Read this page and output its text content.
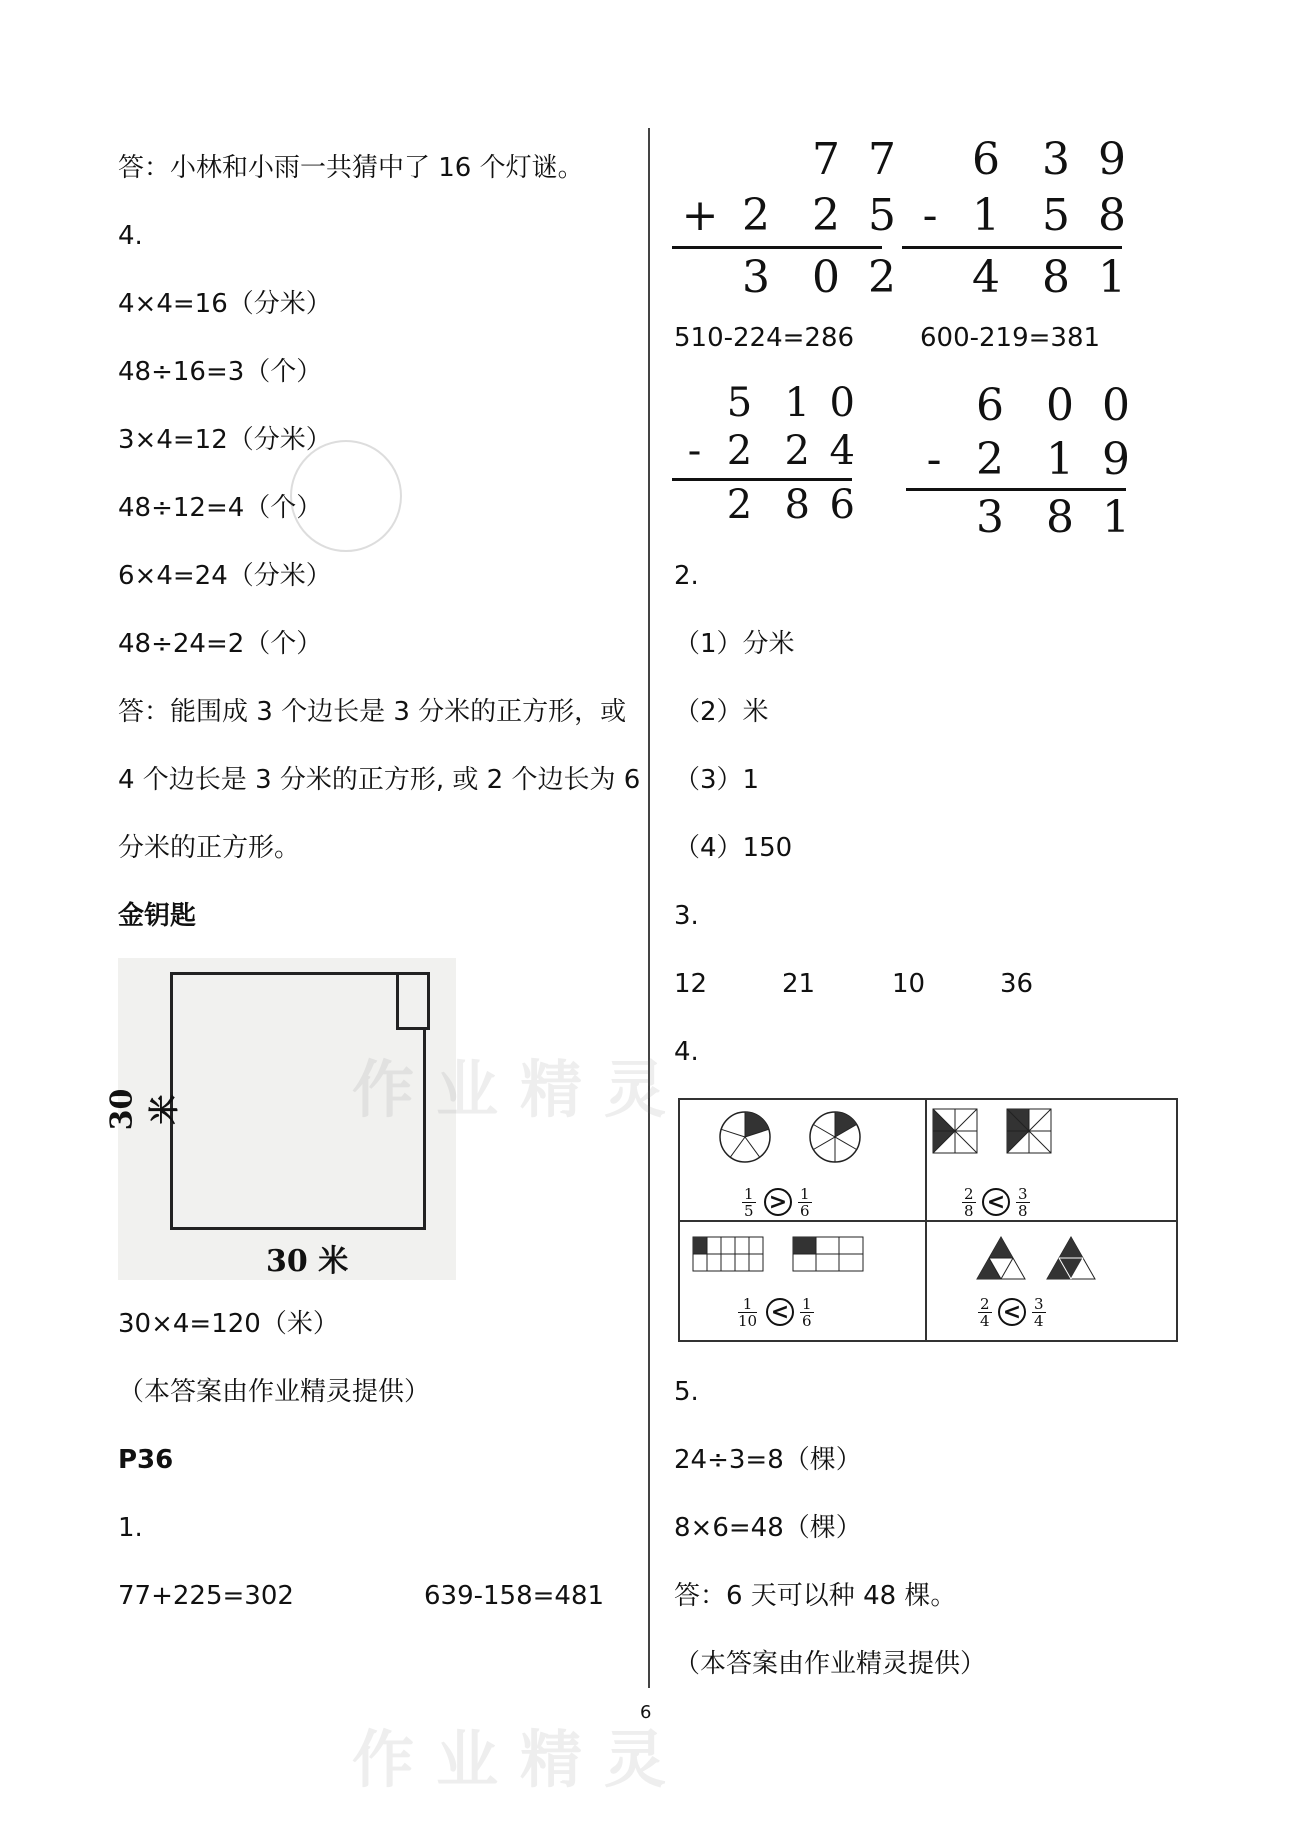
答：小林和小雨一共猜中了 16 个灯谜。
4.
4×4=16（分米）
48÷16=3（个）
3×4=12（分米）
48÷12=4（个）
6×4=24（分米）
48÷24=2（个）
答：能围成 3 个边长是 3 分米的正方形，或
4 个边长是 3 分米的正方形, 或 2 个边长为 6
分米的正方形。
金钥匙
30 米
30 米
30×4=120（米）
（本答案由作业精灵提供）
P36
1.
77+225=302	639-158=481
7 7
+ 2 2 5
3 0 2
6 3 9
- 1 5 8
4 8 1
510-224=286	600-219=381
5 1 0
- 2 2 4
2 8 6
6 0 0
- 2 1 9
3 8 1
2.
（1）分米
（2）米
（3）1
（4）150
3.
12	21	10	36
4.
1
5 > 1
6
2
8 < 3
8
1
10 < 1
6
2
4 < 3
4
5.
24÷3=8（棵）
8×6=48（棵）
答：6 天可以种 48 棵。
（本答案由作业精灵提供）
6
作业精灵
作业精灵
